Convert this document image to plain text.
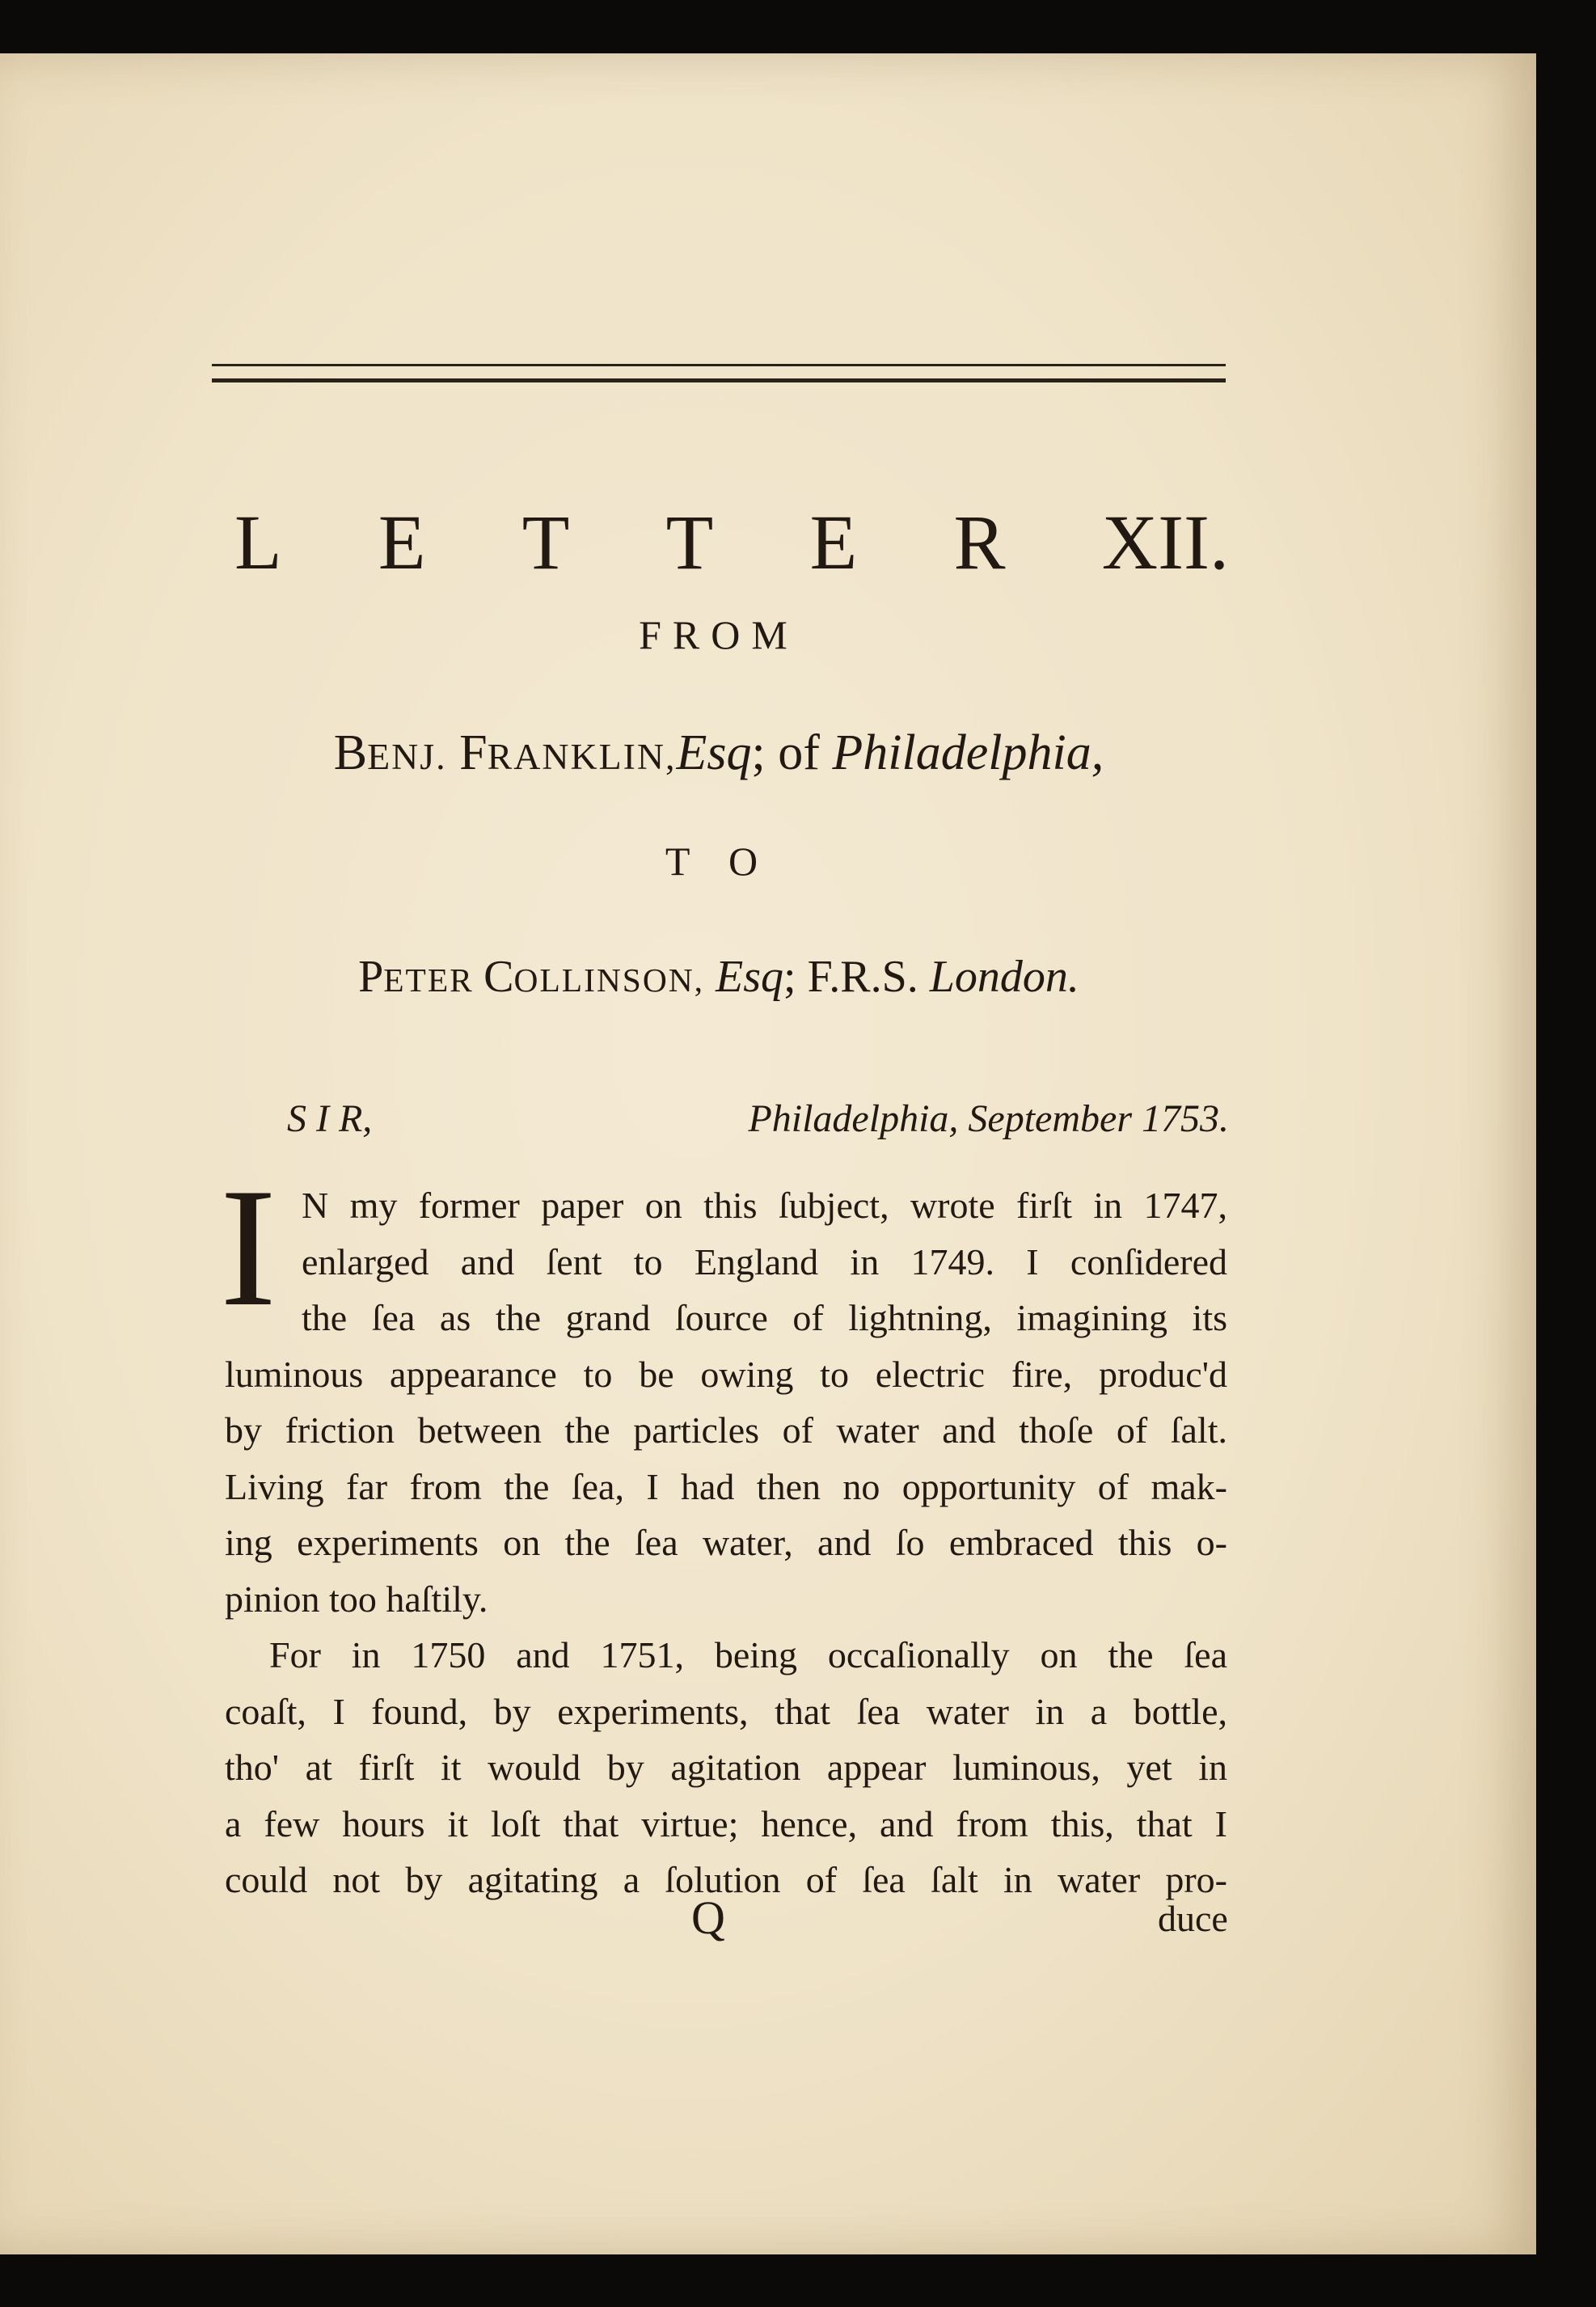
L E T T E R XII.
FROM
BENJ. FRANKLIN,Esq; of Philadelphia,
T O
PETER COLLINSON, Esq; F.R.S. London.
S I R,	Philadelphia, September 1753.
I N my former paper on this ſubject, wrote firſt in 1747,
enlarged and ſent to England in 1749. I conſidered
the ſea as the grand ſource of lightning, imagining its
luminous appearance to be owing to electric fire, produc'd
by friction between the particles of water and thoſe of ſalt.
Living far from the ſea, I had then no opportunity of mak-
ing experiments on the ſea water, and ſo embraced this o-
pinion too haſtily.
For in 1750 and 1751, being occaſionally on the ſea
coaſt, I found, by experiments, that ſea water in a bottle,
tho' at firſt it would by agitation appear luminous, yet in
a few hours it loſt that virtue; hence, and from this, that I
could not by agitating a ſolution of ſea ſalt in water pro-
Q	duce
